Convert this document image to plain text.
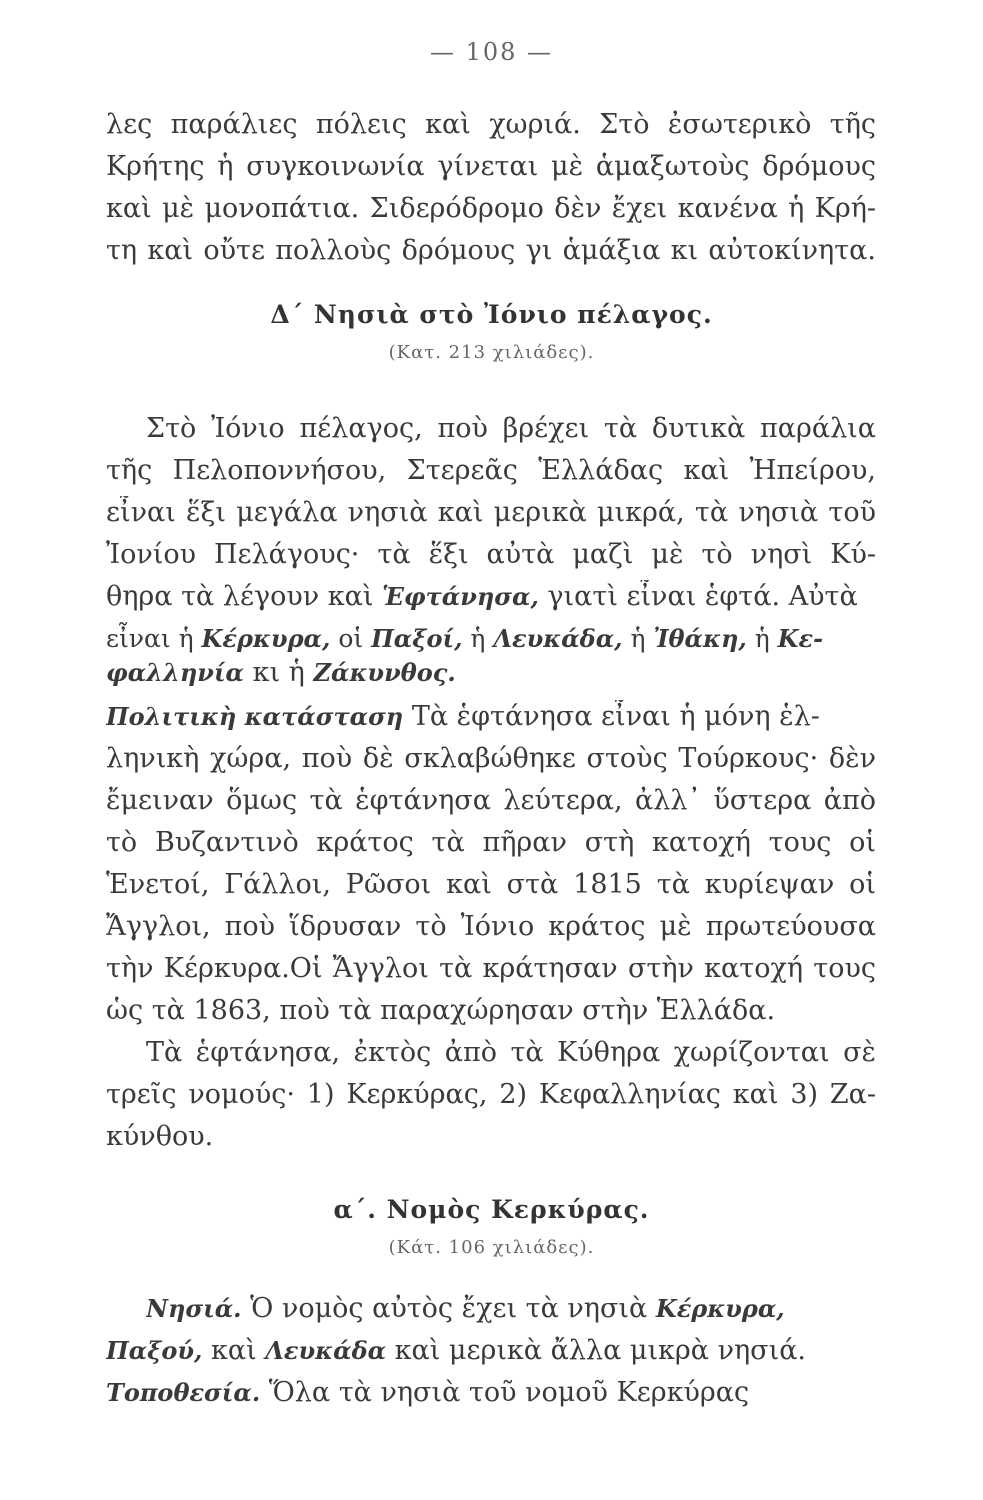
— 108 —
λες παράλιες πόλεις καὶ χωριά. Στὸ ἐσωτερικὸ τῆς
Κρήτης ἡ συγκοινωνία γίνεται μὲ ἁμαξωτοὺς δρόμους
καὶ μὲ μονοπάτια. Σιδερόδρομο δὲν ἔχει κανένα ἡ Κρή-
τη καὶ οὔτε πολλοὺς δρόμους γι ἁμάξια κι αὐτοκίνητα.
Δ΄ Νησιὰ στὸ Ἰόνιο πέλαγος.
(Κατ. 213 χιλιάδες).
Στὸ Ἰόνιο πέλαγος, ποὺ βρέχει τὰ δυτικὰ παράλια
τῆς Πελοποννήσου, Στερεᾶς Ἑλλάδας καὶ Ἠπείρου,
εἶναι ἕξι μεγάλα νησιὰ καὶ μερικὰ μικρά, τὰ νησιὰ τοῦ
Ἰονίου Πελάγους· τὰ ἕξι αὐτὰ μαζὶ μὲ τὸ νησὶ Κύ-
θηρα τὰ λέγουν καὶ Ἑφτάνησα, γιατὶ εἶναι ἑφτά. Αὐτὰ
εἶναι ἡ Κέρκυρα, οἱ Παξοί, ἡ Λευκάδα, ἡ Ἰθάκη, ἡ Κε-
φαλληνία κι ἡ Ζάκυνθος.
Πολιτικὴ κατάσταση Τὰ ἑφτάνησα εἶναι ἡ μόνη ἑλ-
ληνικὴ χώρα, ποὺ δὲ σκλαβώθηκε στοὺς Τούρκους· δὲν
ἔμειναν ὅμως τὰ ἑφτάνησα λεύτερα, ἀλλ᾽ ὕστερα ἀπὸ
τὸ Βυζαντινὸ κράτος τὰ πῆραν στὴ κατοχή τους οἱ
Ἑνετοί, Γάλλοι, Ρῶσοι καὶ στὰ 1815 τὰ κυρίεψαν οἱ
Ἄγγλοι, ποὺ ἵδρυσαν τὸ Ἰόνιο κράτος μὲ πρωτεύουσα
τὴν Κέρκυρα.Οἱ Ἄγγλοι τὰ κράτησαν στὴν κατοχή τους
ὡς τὰ 1863, ποὺ τὰ παραχώρησαν στὴν Ἑλλάδα.
Τὰ ἑφτάνησα, ἐκτὸς ἀπὸ τὰ Κύθηρα χωρίζονται σὲ
τρεῖς νομούς· 1) Κερκύρας, 2) Κεφαλληνίας καὶ 3) Ζα-
κύνθου.
α΄. Νομὸς Κερκύρας.
(Κάτ. 106 χιλιάδες).
Νησιά. Ὁ νομὸς αὐτὸς ἔχει τὰ νησιὰ Κέρκυρα,
Παξού, καὶ Λευκάδα καὶ μερικὰ ἄλλα μικρὰ νησιά.
Τοποθεσία. Ὅλα τὰ νησιὰ τοῦ νομοῦ Κερκύρας
